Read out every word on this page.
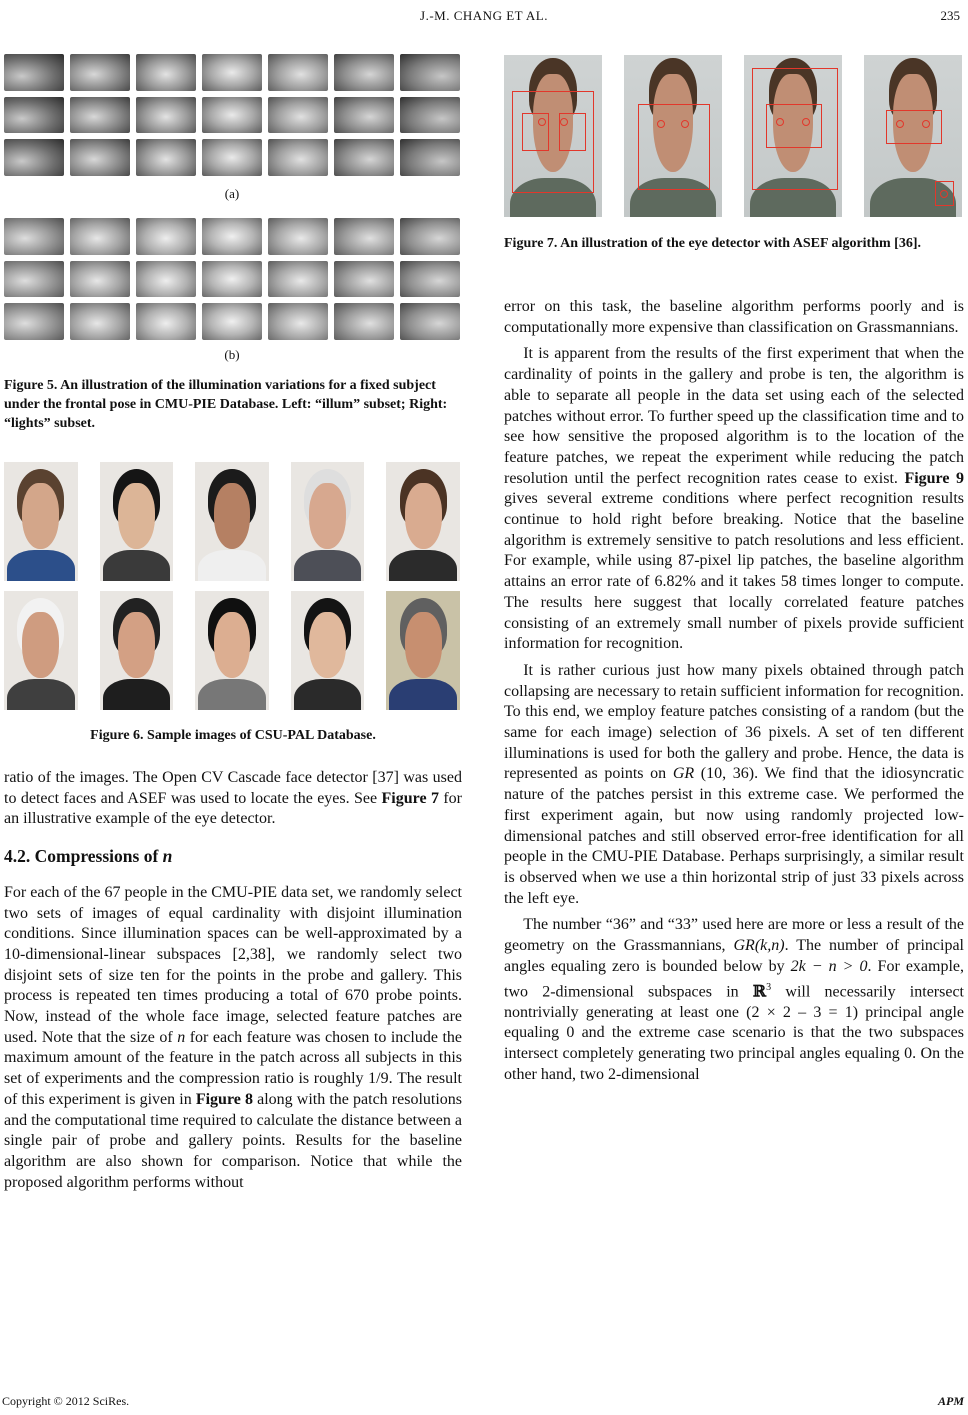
J.-M. CHANG ET AL.	235
(a)
(b)
Figure 5. An illustration of the illumination variations for a fixed subject under the frontal pose in CMU-PIE Database. Left: “illum” subset; Right: “lights” subset.
Figure 6. Sample images of CSU-PAL Database.

ratio of the images. The Open CV Cascade face detector [37] was used to detect faces and ASEF was used to locate the eyes. See Figure 7 for an illustrative example of the eye detector.

4.2. Compressions of n

For each of the 67 people in the CMU-PIE data set, we randomly select two sets of images of equal cardinality with disjoint illumination conditions. Since illumination spaces can be well-approximated by a 10-dimensional-linear subspaces [2,38], we randomly select two disjoint sets of size ten for the points in the probe and gallery. This process is repeated ten times producing a total of 670 probe points. Now, instead of the whole face image, selected feature patches are used. Note that the size of n for each feature was chosen to include the maximum amount of the feature in the patch across all subjects in this set of experiments and the compression ratio is roughly 1/9. The result of this experiment is given in Figure 8 along with the patch resolutions and the computational time required to calculate the distance between a single pair of probe and gallery points. Results for the baseline algorithm are also shown for comparison. Notice that while the proposed algorithm performs without

Figure 7. An illustration of the eye detector with ASEF algorithm [36].

error on this task, the baseline algorithm performs poorly and is computationally more expensive than classification on Grassmannians.

It is apparent from the results of the first experiment that when the cardinality of points in the gallery and probe is ten, the algorithm is able to separate all people in the data set using each of the selected patches without error. To further speed up the classification time and to see how sensitive the proposed algorithm is to the location of the feature patches, we repeat the experiment while reducing the patch resolution until the perfect recognition rates cease to exist. Figure 9 gives several extreme conditions where perfect recognition results continue to hold right before breaking. Notice that the baseline algorithm is extremely sensitive to patch resolutions and less efficient. For example, while using 87-pixel lip patches, the baseline algorithm attains an error rate of 6.82% and it takes 58 times longer to compute. The results here suggest that locally correlated feature patches consisting of an extremely small number of pixels provide sufficient information for recognition.

It is rather curious just how many pixels obtained through patch collapsing are necessary to retain sufficient information for recognition. To this end, we employ feature patches consisting of a random (but the same for each image) selection of 36 pixels. A set of ten different illuminations is used for both the gallery and probe. Hence, the data is represented as points on GR (10, 36). We find that the idiosyncratic nature of the patches persist in this extreme case. We performed the first experiment again, but now using randomly projected low-dimensional patches and still observed error-free identification for all people in the CMU-PIE Database. Perhaps surprisingly, a similar result is observed when we use a thin horizontal strip of just 33 pixels across the left eye.

The number “36” and “33” used here are more or less a result of the geometry on the Grassmannians, GR(k,n). The number of principal angles equaling zero is bounded below by 2k − n > 0. For example, two 2-dimensional subspaces in ℝ$^3$ will necessarily intersect nontrivially generating at least one (2 × 2 – 3 = 1) principal angle equaling 0 and the extreme case scenario is that the two subspaces intersect completely generating two principal angles equaling 0. On the other hand, two 2-dimensional

Copyright © 2012 SciRes.	APM
